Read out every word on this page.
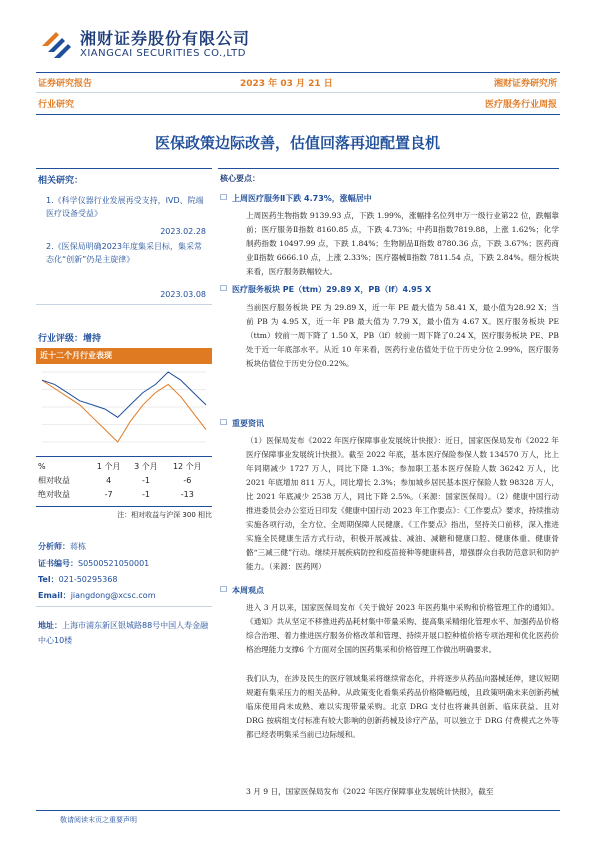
湘财证券股份有限公司
XIANGCAI SECURITIES CO.,LTD
证券研究报告	2023 年 03 月 21 日	湘财证券研究所
行业研究	医疗服务行业周报
医保政策边际改善，估值回落再迎配置良机
相关研究：
1.《科学仪器行业发展再受支持，IVD、院端医疗设备受益》
2023.02.28
2.《医保局明确2023年度集采目标，集采常态化“创新”仍是主旋律》
2023.03.08
行业评级：增持
近十二个月行业表现
%	1 个月	3 个月	12 个月
相对收益	4	-1	-6
绝对收益	-7	-1	-13
注：相对收益与沪深 300 相比
分析师：蒋栋
证书编号：S0500521050001
Tel：021-50295368
Email：jiangdong@xcsc.com
地址：上海市浦东新区银城路88号中国人寿金融中心10楼
核心要点：
☐ 上周医疗服务Ⅱ下跌 4.73%，涨幅居中
上周医药生物指数 9139.93 点，下跌 1.99%，涨幅排名位列申万一级行业第22 位，跌幅靠前；医疗服务Ⅱ指数 8160.85 点，下跌 4.73%；中药Ⅱ指数7819.88，上涨 1.62%；化学制药指数 10497.99 点，下跌 1.84%；生物制品Ⅱ指数 8780.36 点，下跌 3.67%；医药商业Ⅱ指数 6666.10 点，上涨 2.33%；医疗器械Ⅱ指数 7811.54 点，下跌 2.84%。细分板块来看，医疗服务跌幅较大。
☐ 医疗服务板块 PE（ttm）29.89 X，PB（lf）4.95 X
当前医疗服务板块 PE 为 29.89 X，近一年 PE 最大值为 58.41 X，最小值为28.92 X；当前 PB 为 4.95 X，近一年 PB 最大值为 7.79 X，最小值为 4.67 X。医疗服务板块 PE（ttm）较前一周下降了 1.50 X，PB（lf）较前一周下降了0.24 X，医疗服务板块 PE、PB 处于近一年底部水平。从近 10 年来看，医药行业估值处于位于历史分位 2.99%，医疗服务板块估值位于历史分位0.22%。
☐ 重要资讯
（1）医保局发布《2022 年医疗保障事业发展统计快报》：近日，国家医保局发布《2022 年医疗保障事业发展统计快报》。截至 2022 年底，基本医疗保险参保人数 134570 万人，比上年同期减少 1727 万人，同比下降 1.3%；参加职工基本医疗保险人数 36242 万人，比 2021 年底增加 811 万人，同比增长 2.3%；参加城乡居民基本医疗保险人数 98328 万人，比 2021 年底减少 2538 万人，同比下降 2.5%。（来源：国家医保局）。（2）健康中国行动推进委员会办公室近日印发《健康中国行动 2023 年工作要点》：《工作要点》要求，持续推动实施各项行动，全方位、全周期保障人民健康。《工作要点》指出，坚持关口前移，深入推进实施全民健康生活方式行动，积极开展减盐、减油、减糖和健康口腔、健康体重、健康骨骼“三减三健”行动。继续开展疾病防控和疫苗接种等健康科普，增强群众自我防范意识和防护能力。（来源：医药网）
☐ 本周观点
进入 3 月以来，国家医保局发布《关于做好 2023 年医药集中采购和价格管理工作的通知》。《通知》共从坚定不移推进药品耗材集中带量采购、提高集采精细化管理水平、加强药品价格综合治理、着力推进医疗服务价格改革和管理、持续开展口腔种植价格专项治理和优化医药价格治理能力支撑6 个方面对全国的医药集采和价格管理工作做出明确要求。
我们认为，在涉及民生的医疗领域集采将继续常态化，并将逐步从药品向器械延伸，建议短期规避有集采压力的相关品种。从政策变化看集采药品价格降幅趋缓，且政策明确未来创新药械临床使用尚未成熟、难以实现带量采购。北京 DRG 支付也将兼具创新、临床获益、且对 DRG 按病组支付标准有较大影响的创新药械及诊疗产品，可以独立于 DRG 付费模式之外等都已经表明集采当前已边际缓和。
3 月 9 日，国家医保局发布《2022 年医疗保障事业发展统计快报》，截至
敬请阅读末页之重要声明
